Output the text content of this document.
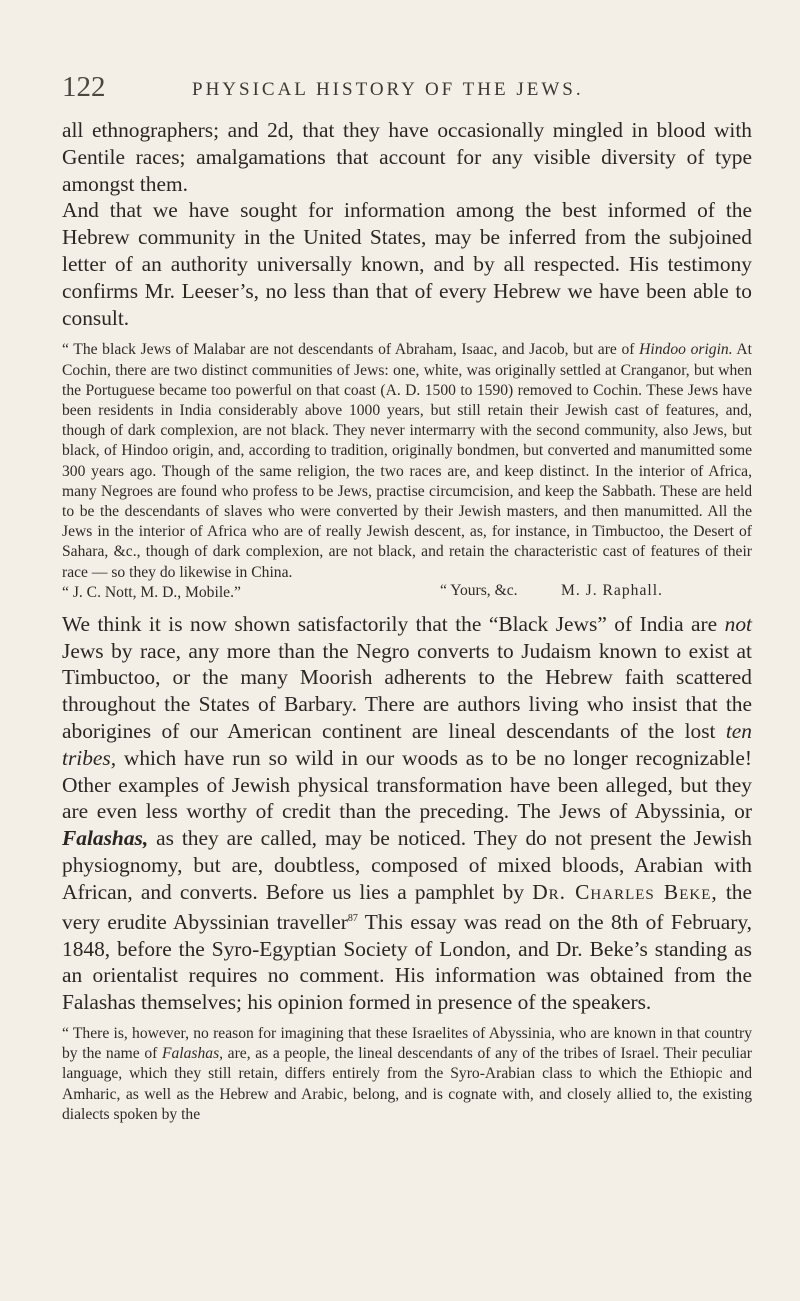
122	PHYSICAL HISTORY OF THE JEWS.

all ethnographers; and 2d, that they have occasionally mingled in blood with Gentile races; amalgamations that account for any visible diversity of type amongst them.

And that we have sought for information among the best informed of the Hebrew community in the United States, may be inferred from the subjoined letter of an authority universally known, and by all respected. His testimony confirms Mr. Leeser’s, no less than that of every Hebrew we have been able to consult.

“ The black Jews of Malabar are not descendants of Abraham, Isaac, and Jacob, but are of Hindoo origin. At Cochin, there are two distinct communities of Jews: one, white, was originally settled at Cranganor, but when the Portuguese became too powerful on that coast (A. D. 1500 to 1590) removed to Cochin. These Jews have been residents in India considerably above 1000 years, but still retain their Jewish cast of features, and, though of dark complexion, are not black. They never intermarry with the second community, also Jews, but black, of Hindoo origin, and, according to tradition, originally bondmen, but converted and manumitted some 300 years ago. Though of the same religion, the two races are, and keep distinct. In the interior of Africa, many Negroes are found who profess to be Jews, practise circumcision, and keep the Sabbath. These are held to be the descendants of slaves who were converted by their Jewish masters, and then manumitted. All the Jews in the interior of Africa who are of really Jewish descent, as, for instance, in Timbuctoo, the Desert of Sahara, &c., though of dark complexion, are not black, and retain the characteristic cast of features of their race — so they do likewise in China.
“ J. C. Nott, M. D., Mobile.”	“ Yours, &c.	M. J. Raphall.

We think it is now shown satisfactorily that the “Black Jews” of India are not Jews by race, any more than the Negro converts to Judaism known to exist at Timbuctoo, or the many Moorish adherents to the Hebrew faith scattered throughout the States of Barbary. There are authors living who insist that the aborigines of our American continent are lineal descendants of the lost ten tribes, which have run so wild in our woods as to be no longer recognizable! Other examples of Jewish physical transformation have been alleged, but they are even less worthy of credit than the preceding. The Jews of Abyssinia, or Falashas, as they are called, may be noticed. They do not present the Jewish physiognomy, but are, doubtless, composed of mixed bloods, Arabian with African, and converts. Before us lies a pamphlet by Dr. Charles Beke, the very erudite Abyssinian traveller$^{87}$ This essay was read on the 8th of February, 1848, before the Syro-Egyptian Society of London, and Dr. Beke’s standing as an orientalist requires no comment. His information was obtained from the Falashas themselves; his opinion formed in presence of the speakers.

“ There is, however, no reason for imagining that these Israelites of Abyssinia, who are known in that country by the name of Falashas, are, as a people, the lineal descendants of any of the tribes of Israel. Their peculiar language, which they still retain, differs entirely from the Syro-Arabian class to which the Ethiopic and Amharic, as well as the Hebrew and Arabic, belong, and is cognate with, and closely allied to, the existing dialects spoken by the
